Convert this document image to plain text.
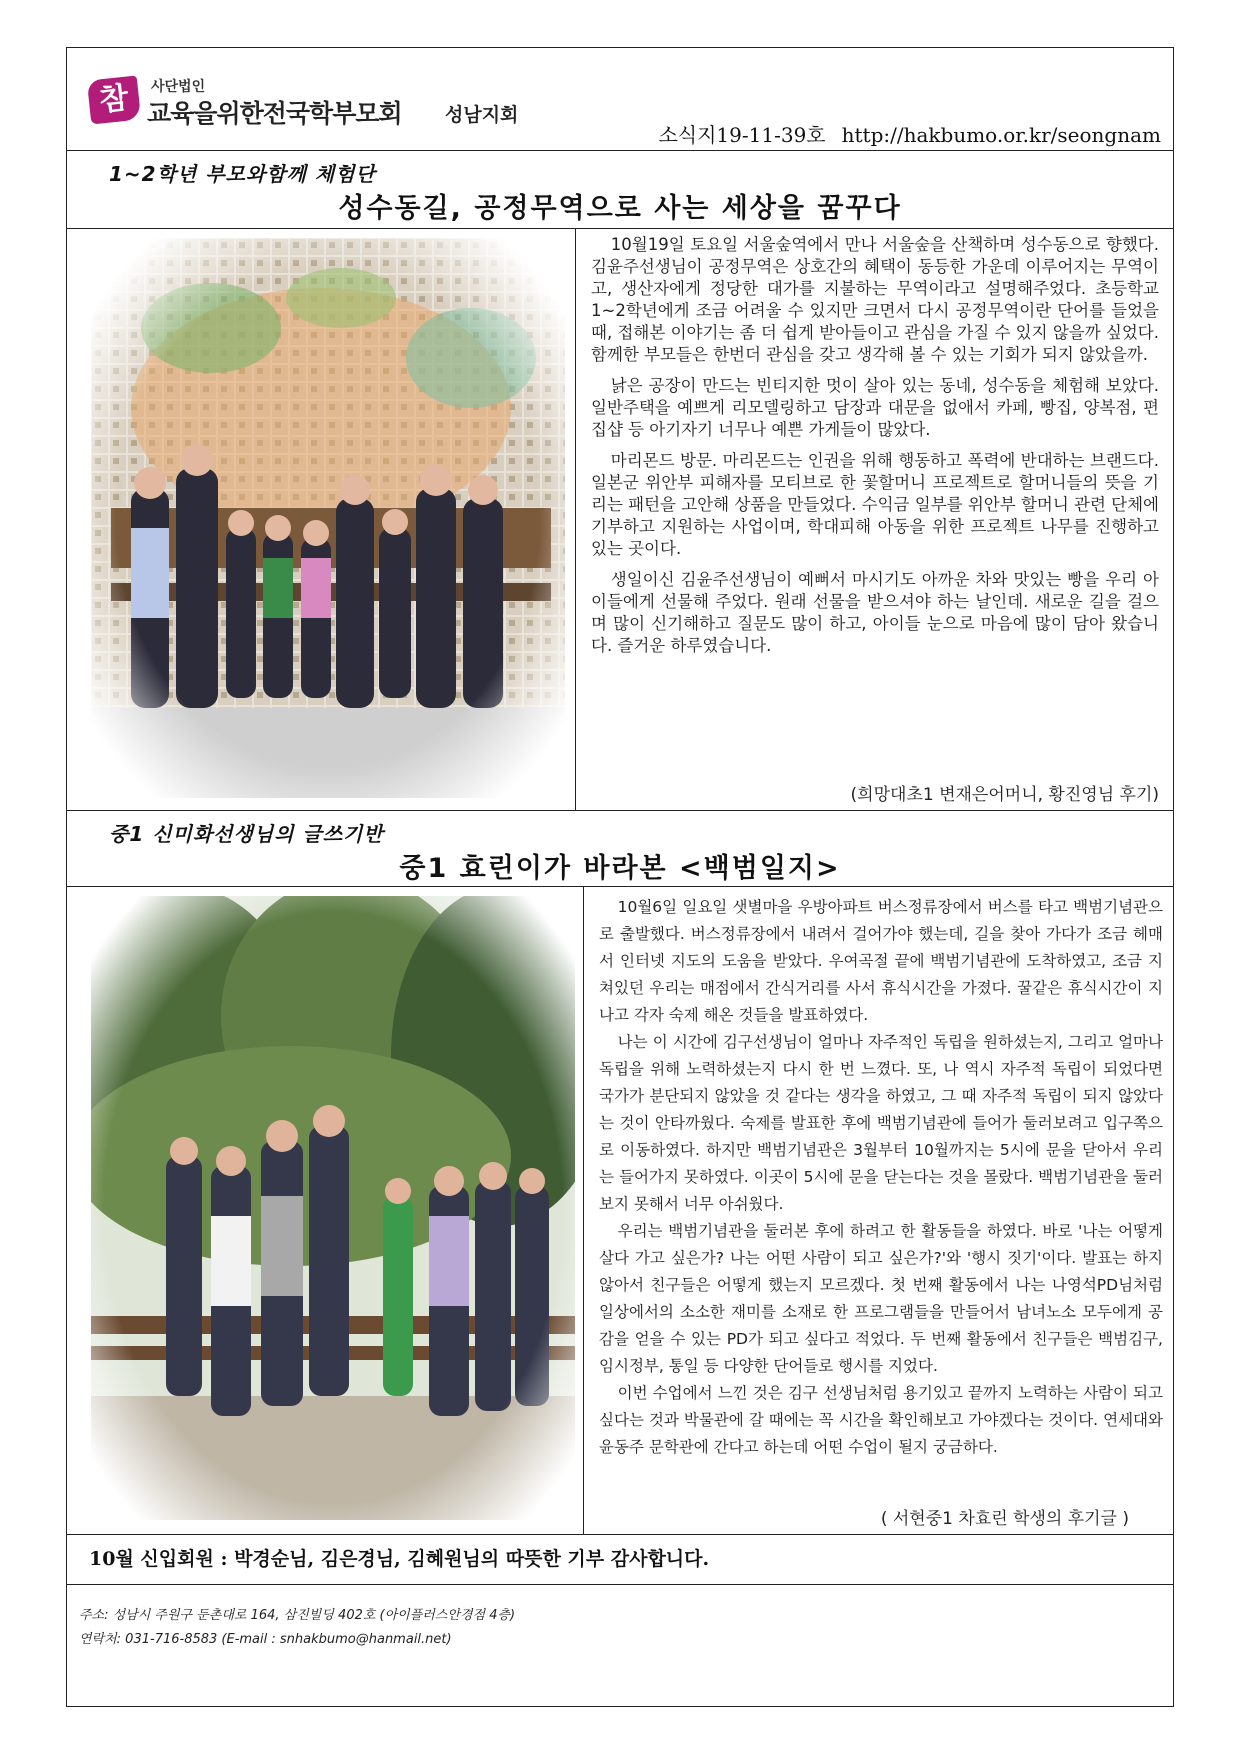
참	사단법인
교육을위한전국학부모회 성남지회
소식지19-11-39호 http://hakbumo.or.kr/seongnam
1~2학년 부모와함께 체험단
성수동길, 공정무역으로 사는 세상을 꿈꾸다

10월19일 토요일 서울숲역에서 만나 서울숲을 산책하며 성수동으로 향했다. 김윤주선생님이 공정무역은 상호간의 혜택이 동등한 가운데 이루어지는 무역이고, 생산자에게 정당한 대가를 지불하는 무역이라고 설명해주었다. 초등학교 1~2학년에게 조금 어려울 수 있지만 크면서 다시 공정무역이란 단어를 들었을 때, 접해본 이야기는 좀 더 쉽게 받아들이고 관심을 가질 수 있지 않을까 싶었다. 함께한 부모들은 한번더 관심을 갖고 생각해 볼 수 있는 기회가 되지 않았을까.

낡은 공장이 만드는 빈티지한 멋이 살아 있는 동네, 성수동을 체험해 보았다. 일반주택을 예쁘게 리모델링하고 담장과 대문을 없애서 카페, 빵집, 양복점, 편집샵 등 아기자기 너무나 예쁜 가게들이 많았다.

마리몬드 방문. 마리몬드는 인권을 위해 행동하고 폭력에 반대하는 브랜드다. 일본군 위안부 피해자를 모티브로 한 꽃할머니 프로젝트로 할머니들의 뜻을 기리는 패턴을 고안해 상품을 만들었다. 수익금 일부를 위안부 할머니 관련 단체에 기부하고 지원하는 사업이며, 학대피해 아동을 위한 프로젝트 나무를 진행하고 있는 곳이다.

생일이신 김윤주선생님이 예뻐서 마시기도 아까운 차와 맛있는 빵을 우리 아이들에게 선물해 주었다. 원래 선물을 받으셔야 하는 날인데. 새로운 길을 걸으며 많이 신기해하고 질문도 많이 하고, 아이들 눈으로 마음에 많이 담아 왔습니다. 즐거운 하루였습니다.

(희망대초1 변재은어머니, 황진영님 후기)
중1 신미화선생님의 글쓰기반
중1 효린이가 바라본 <백범일지>

10월6일 일요일 샛별마을 우방아파트 버스정류장에서 버스를 타고 백범기념관으로 출발했다. 버스정류장에서 내려서 걸어가야 했는데, 길을 찾아 가다가 조금 헤매서 인터넷 지도의 도움을 받았다. 우여곡절 끝에 백범기념관에 도착하였고, 조금 지쳐있던 우리는 매점에서 간식거리를 사서 휴식시간을 가졌다. 꿀같은 휴식시간이 지나고 각자 숙제 해온 것들을 발표하였다.

나는 이 시간에 김구선생님이 얼마나 자주적인 독립을 원하셨는지, 그리고 얼마나 독립을 위해 노력하셨는지 다시 한 번 느꼈다. 또, 나 역시 자주적 독립이 되었다면 국가가 분단되지 않았을 것 같다는 생각을 하였고, 그 때 자주적 독립이 되지 않았다는 것이 안타까웠다. 숙제를 발표한 후에 백범기념관에 들어가 둘러보려고 입구쪽으로 이동하였다. 하지만 백범기념관은 3월부터 10월까지는 5시에 문을 닫아서 우리는 들어가지 못하였다. 이곳이 5시에 문을 닫는다는 것을 몰랐다. 백범기념관을 둘러보지 못해서 너무 아쉬웠다.

우리는 백범기념관을 둘러본 후에 하려고 한 활동들을 하였다. 바로 '나는 어떻게 살다 가고 싶은가? 나는 어떤 사람이 되고 싶은가?'와 '행시 짓기'이다. 발표는 하지 않아서 친구들은 어떻게 했는지 모르겠다. 첫 번째 활동에서 나는 나영석PD님처럼 일상에서의 소소한 재미를 소재로 한 프로그램들을 만들어서 남녀노소 모두에게 공감을 얻을 수 있는 PD가 되고 싶다고 적었다. 두 번째 활동에서 친구들은 백범김구, 임시정부, 통일 등 다양한 단어들로 행시를 지었다.

이번 수업에서 느낀 것은 김구 선생님처럼 용기있고 끝까지 노력하는 사람이 되고싶다는 것과 박물관에 갈 때에는 꼭 시간을 확인해보고 가야겠다는 것이다. 연세대와 윤동주 문학관에 간다고 하는데 어떤 수업이 될지 궁금하다.

( 서현중1 차효린 학생의 후기글 )
10월 신입회원 : 박경순님, 김은경님, 김혜원님의 따뜻한 기부 감사합니다.
주소: 성남시 주원구 둔촌대로 164, 삼진빌딩 402호 (아이플러스안경점 4층)
연락처: 031-716-8583 (E-mail : snhakbumo@hanmail.net)
